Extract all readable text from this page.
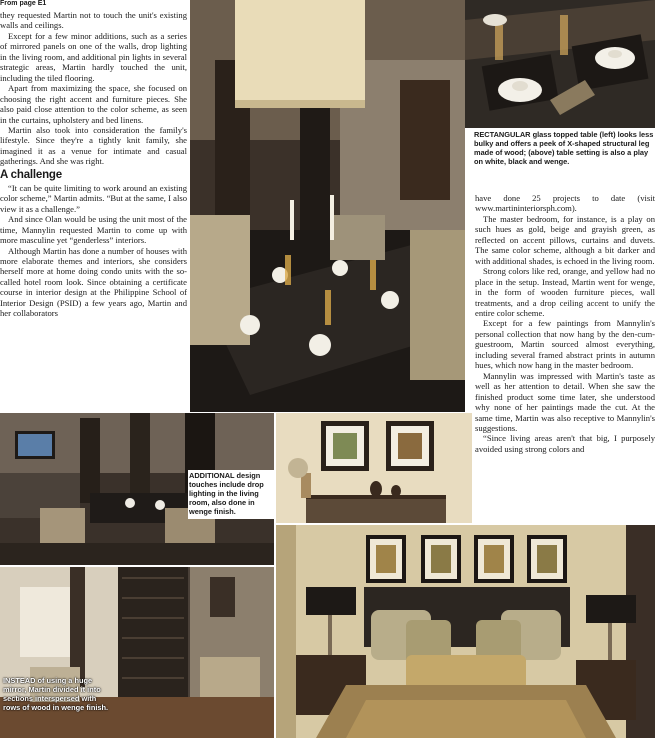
From page E1

they requested Martin not to touch the unit's existing walls and ceilings.

Except for a few minor additions, such as a series of mirrored panels on one of the walls, drop lighting in the living room, and additional pin lights in several strategic areas, Martin hardly touched the unit, including the tiled flooring.

Apart from maximizing the space, she focused on choosing the right accent and furniture pieces. She also paid close attention to the color scheme, as seen in the curtains, upholstery and bed linens.

Martin also took into consideration the family's lifestyle. Since they're a tightly knit family, she imagined it as a venue for intimate and casual gatherings. And she was right.

A challenge

“It can be quite limiting to work around an existing color scheme,” Martin admits. “But at the same, I also view it as a challenge.”

And since Olan would be using the unit most of the time, Mannylin requested Martin to come up with more masculine yet “genderless” interiors.

Although Martin has done a number of houses with more elaborate themes and interiors, she considers herself more at home doing condo units with the so-called hotel room look. Since obtaining a certificate course in interior design at the Philippine School of Interior Design (PSID) a few years ago, Martin and her collaborators

RECTANGULAR glass topped table (left) looks less bulky and offers a peek of X-shaped structural leg made of wood; (above) table setting is also a play on white, black and wenge.

have done 25 projects to date (visit www.martininteriorsph.com).

The master bedroom, for instance, is a play on such hues as gold, beige and grayish green, as reflected on accent pillows, curtains and duvets. The same color scheme, although a bit darker and with additional shades, is echoed in the living room.

Strong colors like red, orange, and yellow had no place in the setup. Instead, Martin went for wenge, in the form of wooden furniture pieces, wall treatments, and a drop ceiling accent to unify the entire color scheme.

Except for a few paintings from Mannylin's personal collection that now hang by the den-cum-guestroom, Martin sourced almost everything, including several framed abstract prints in autumn hues, which now hang in the master bedroom.

Mannylin was impressed with Martin's taste as well as her attention to detail. When she saw the finished product some time later, she understood why none of her paintings made the cut. At the same time, Martin was also receptive to Mannylin's suggestions.

“Since living areas aren't that big, I purposely avoided using strong colors and

ADDITIONAL design touches include drop lighting in the living room, also done in wenge finish.
INSTEAD of using a huge mirror, Martin divided it into sections interspersed with rows of wood in wenge finish.
